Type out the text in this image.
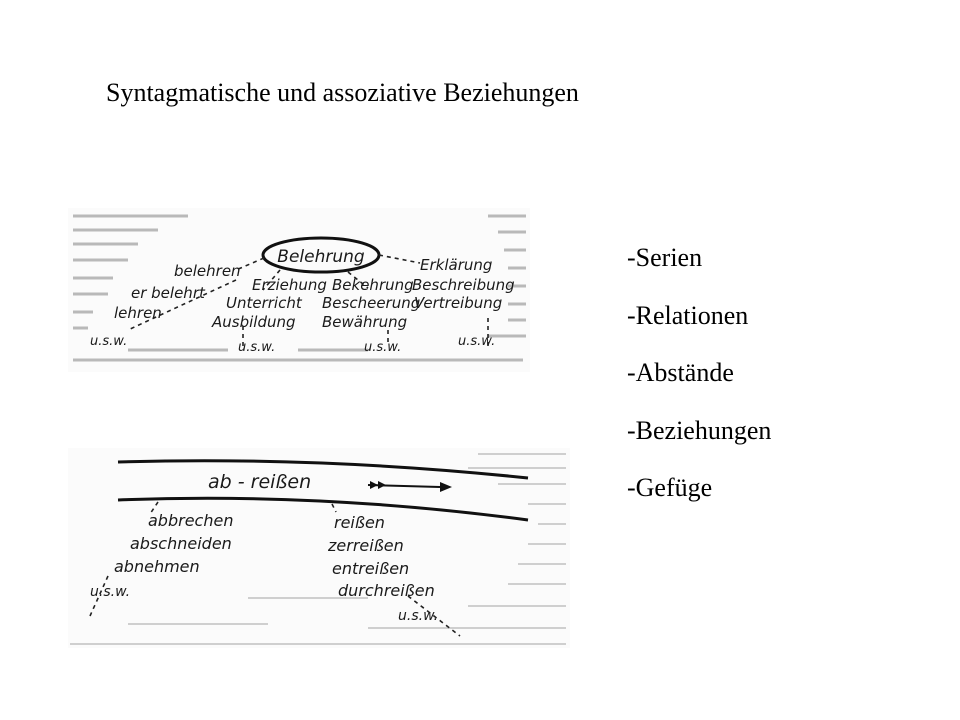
Syntagmatische und assoziative Beziehungen
Belehrung
belehren
er belehrt
lehren
u.s.w.
Erziehung
Unterricht
Ausbildung
u.s.w.
Bekehrung
Bescheerung
Bewährung
u.s.w.
Erklärung
Beschreibung
Vertreibung
u.s.w.
ab - reißen
abbrechen
abschneiden
abnehmen
u.s.w.
reißen
zerreißen
entreißen
durchreißen
u.s.w.
-Serien
-Relationen
-Abstände
-Beziehungen
-Gefüge
